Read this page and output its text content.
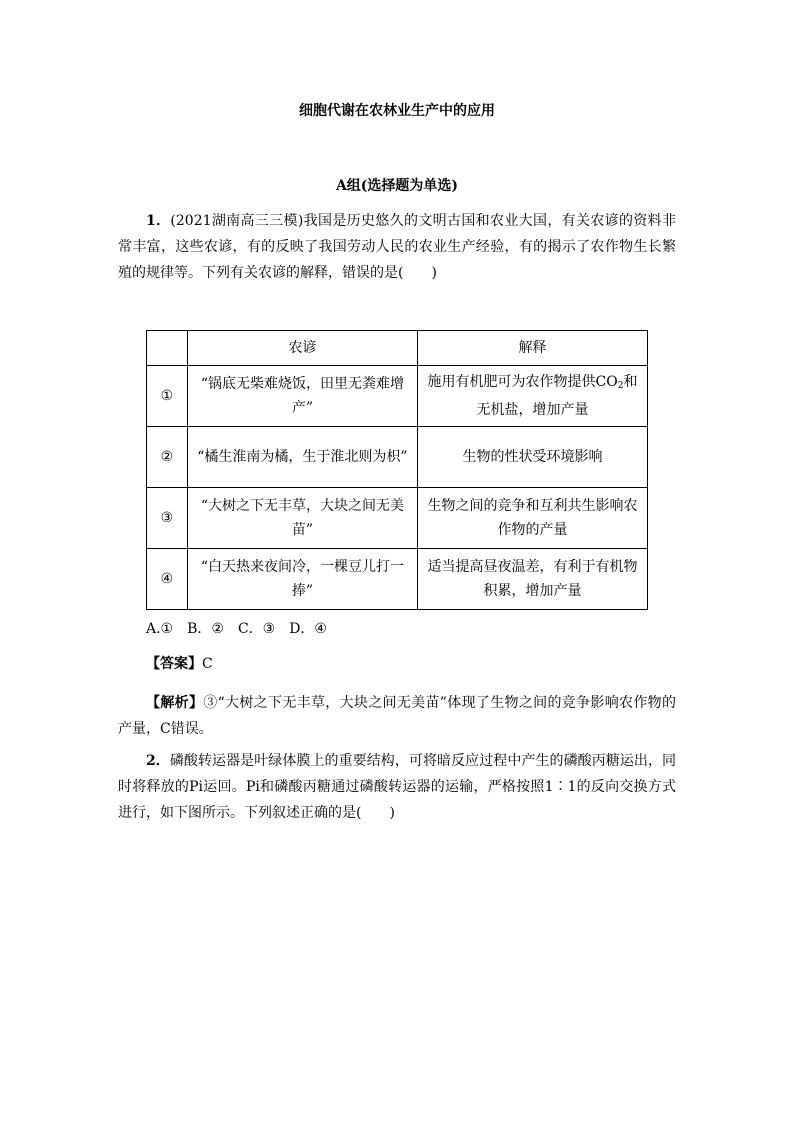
细胞代谢在农林业生产中的应用
A组(选择题为单选)
1．(2021湖南高三三模)我国是历史悠久的文明古国和农业大国，有关农谚的资料非常丰富，这些农谚，有的反映了我国劳动人民的农业生产经验，有的揭示了农作物生长繁殖的规律等。下列有关农谚的解释，错误的是(　　)
	农谚	解释
①	“锅底无柴难烧饭，田里无粪难增产”	施用有机肥可为农作物提供$CO_2$和无机盐，增加产量
②	“橘生淮南为橘，生于淮北则为枳”	生物的性状受环境影响
③	“大树之下无丰草，大块之间无美苗”	生物之间的竞争和互利共生影响农作物的产量
④	“白天热来夜间冷，一棵豆儿打一捧”	适当提高昼夜温差，有利于有机物积累，增加产量
A.①　B．②　C．③　D．④
【答案】C
【解析】③“大树之下无丰草，大块之间无美苗”体现了生物之间的竞争影响农作物的产量，C错误。
2．磷酸转运器是叶绿体膜上的重要结构，可将暗反应过程中产生的磷酸丙糖运出，同时将释放的Pi运回。Pi和磷酸丙糖通过磷酸转运器的运输，严格按照1∶1的反向交换方式进行，如下图所示。下列叙述正确的是(　　)
